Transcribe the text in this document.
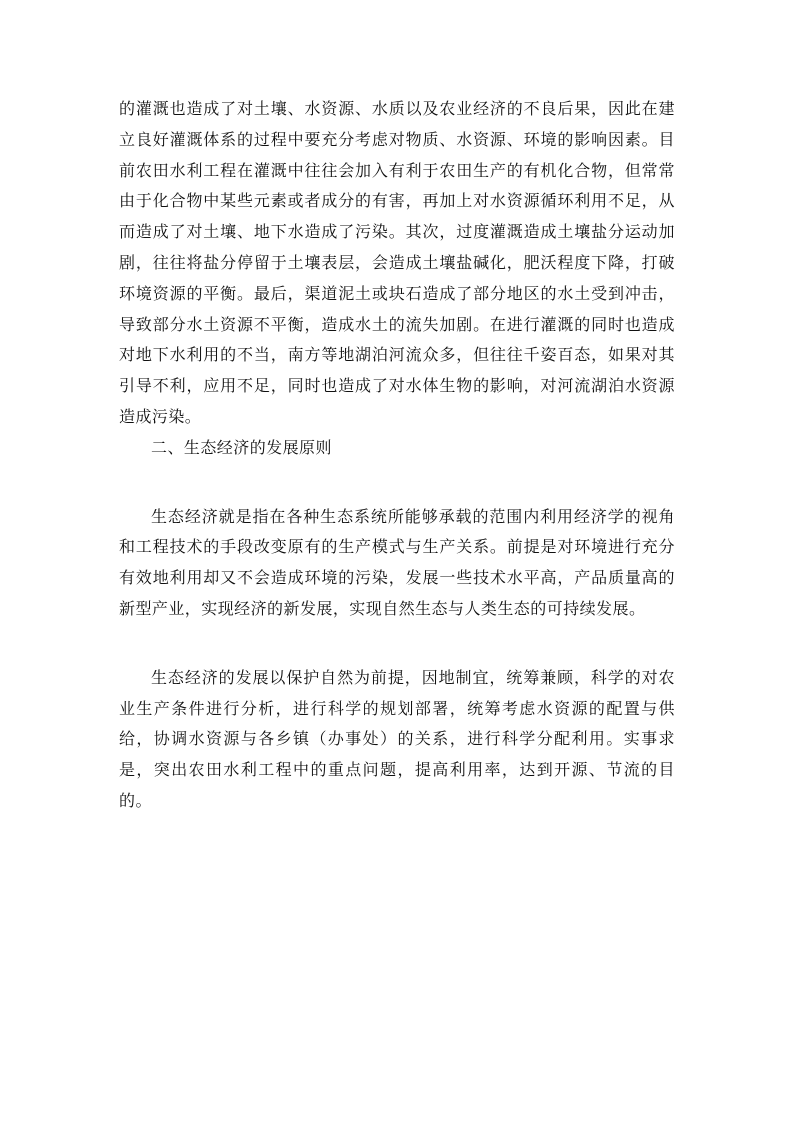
的灌溉也造成了对土壤、水资源、水质以及农业经济的不良后果，因此在建立良好灌溉体系的过程中要充分考虑对物质、水资源、环境的影响因素。目前农田水利工程在灌溉中往往会加入有利于农田生产的有机化合物，但常常由于化合物中某些元素或者成分的有害，再加上对水资源循环利用不足，从而造成了对土壤、地下水造成了污染。其次，过度灌溉造成土壤盐分运动加剧，往往将盐分停留于土壤表层，会造成土壤盐碱化，肥沃程度下降，打破环境资源的平衡。最后，渠道泥土或块石造成了部分地区的水土受到冲击，导致部分水土资源不平衡，造成水土的流失加剧。在进行灌溉的同时也造成对地下水利用的不当，南方等地湖泊河流众多，但往往千姿百态，如果对其引导不利，应用不足，同时也造成了对水体生物的影响，对河流湖泊水资源造成污染。

二、生态经济的发展原则

生态经济就是指在各种生态系统所能够承载的范围内利用经济学的视角和工程技术的手段改变原有的生产模式与生产关系。前提是对环境进行充分有效地利用却又不会造成环境的污染，发展一些技术水平高，产品质量高的新型产业，实现经济的新发展，实现自然生态与人类生态的可持续发展。

生态经济的发展以保护自然为前提，因地制宜，统筹兼顾，科学的对农业生产条件进行分析，进行科学的规划部署，统筹考虑水资源的配置与供给，协调水资源与各乡镇（办事处）的关系，进行科学分配利用。实事求是，突出农田水利工程中的重点问题，提高利用率，达到开源、节流的目的。
